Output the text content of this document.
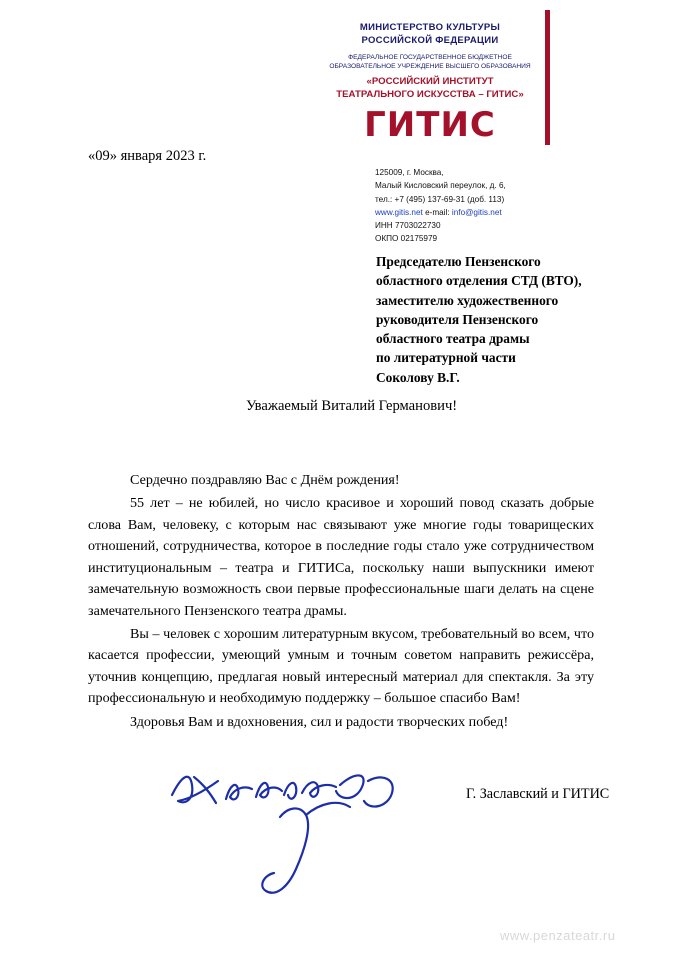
МИНИСТЕРСТВО КУЛЬТУРЫ
РОССИЙСКОЙ ФЕДЕРАЦИИ
ФЕДЕРАЛЬНОЕ ГОСУДАРСТВЕННОЕ БЮДЖЕТНОЕ
ОБРАЗОВАТЕЛЬНОЕ УЧРЕЖДЕНИЕ ВЫСШЕГО ОБРАЗОВАНИЯ
«РОССИЙСКИЙ ИНСТИТУТ
ТЕАТРАЛЬНОГО ИСКУССТВА – ГИТИС»
ГИТИС
«09» января 2023 г.
125009, г. Москва,
Малый Кисловский переулок, д. 6,
тел.: +7 (495) 137-69-31 (доб. 113)
www.gitis.net e-mail: info@gitis.net
ИНН 7703022730
ОКПО 02175979
Председателю Пензенского
областного отделения СТД (ВТО),
заместителю художественного
руководителя Пензенского
областного театра драмы
по литературной части
Соколову В.Г.
Уважаемый Виталий Германович!

Сердечно поздравляю Вас с Днём рождения!

55 лет – не юбилей, но число красивое и хороший повод сказать добрые слова Вам, человеку, с которым нас связывают уже многие годы товарищеских отношений, сотрудничества, которое в последние годы стало уже сотрудничеством институциональным – театра и ГИТИСа, поскольку наши выпускники имеют замечательную возможность свои первые профессиональные шаги делать на сцене замечательного Пензенского театра драмы.

Вы – человек с хорошим литературным вкусом, требовательный во всем, что касается профессии, умеющий умным и точным советом направить режиссёра, уточнив концепцию, предлагая новый интересный материал для спектакля. За эту профессиональную и необходимую поддержку – большое спасибо Вам!

Здоровья Вам и вдохновения, сил и радости творческих побед!

Г. Заславский и ГИТИС
www.penzateatr.ru
